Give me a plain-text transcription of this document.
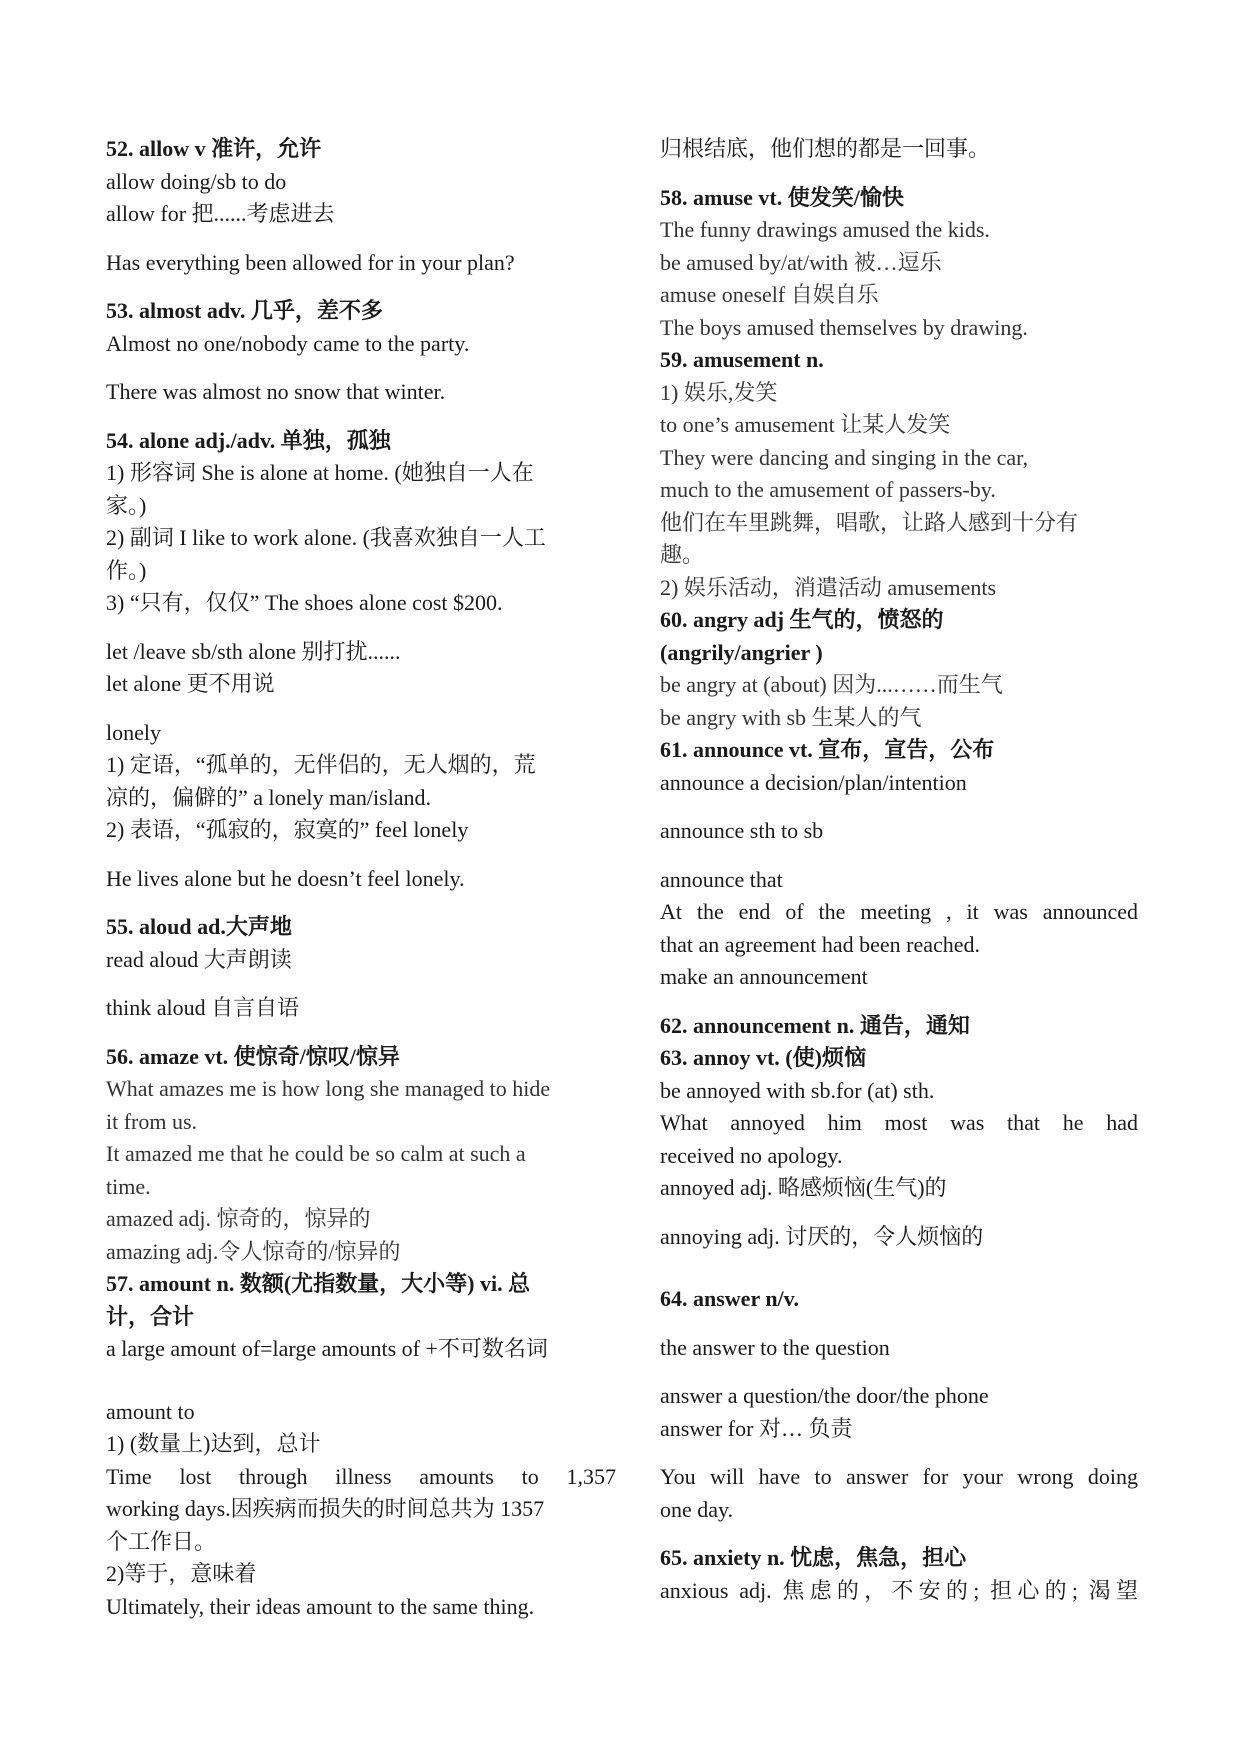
52. allow v 准许，允许
allow doing/sb to do
allow for 把......考虑进去
Has everything been allowed for in your plan?
53. almost adv. 几乎，差不多
Almost no one/nobody came to the party.
There was almost no snow that winter.
54. alone adj./adv. 单独，孤独
1) 形容词 She is alone at home. (她独自一人在
家。)
2) 副词 I like to work alone. (我喜欢独自一人工
作。)
3) “只有，仅仅” The shoes alone cost $200.
let /leave sb/sth alone 别打扰......
let alone 更不用说
lonely
1) 定语，“孤单的，无伴侣的，无人烟的，荒
凉的，偏僻的” a lonely man/island.
2) 表语，“孤寂的，寂寞的” feel lonely
He lives alone but he doesn’t feel lonely.
55. aloud ad.大声地
read aloud 大声朗读
think aloud 自言自语
56. amaze vt. 使惊奇/惊叹/惊异
What amazes me is how long she managed to hide
it from us.
It amazed me that he could be so calm at such a
time.
amazed adj. 惊奇的，惊异的
amazing adj.令人惊奇的/惊异的
57. amount n. 数额(尤指数量，大小等) vi. 总
计，合计
a large amount of=large amounts of +不可数名词
amount to
1) (数量上)达到，总计
Time lost through illness amounts to 1,357
working days.因疾病而损失的时间总共为 1357
个工作日。
2)等于，意味着
Ultimately, their ideas amount to the same thing.
归根结底，他们想的都是一回事。
58. amuse vt. 使发笑/愉快
The funny drawings amused the kids.
be amused by/at/with 被…逗乐
amuse oneself 自娱自乐
The boys amused themselves by drawing.
59. amusement n.
1) 娱乐,发笑
to one’s amusement 让某人发笑
They were dancing and singing in the car,
much to the amusement of passers-by.
他们在车里跳舞，唱歌，让路人感到十分有
趣。
2) 娱乐活动，消遣活动 amusements
60. angry adj 生气的，愤怒的
(angrily/angrier )
be angry at (about) 因为...……而生气
be angry with sb 生某人的气
61. announce vt. 宣布，宣告，公布
announce a decision/plan/intention
announce sth to sb
announce that
At the end of the meeting , it was announced
that an agreement had been reached.
make an announcement
62. announcement n. 通告，通知
63. annoy vt. (使)烦恼
be annoyed with sb.for (at) sth.
What annoyed him most was that he had
received no apology.
annoyed adj. 略感烦恼(生气)的
annoying adj. 讨厌的，令人烦恼的
64. answer n/v.
the answer to the question
answer a question/the door/the phone
answer for 对… 负责
You will have to answer for your wrong doing
one day.
65. anxiety n. 忧虑，焦急，担心
anxious adj. 焦虑的，不安的; 担心的; 渴望
